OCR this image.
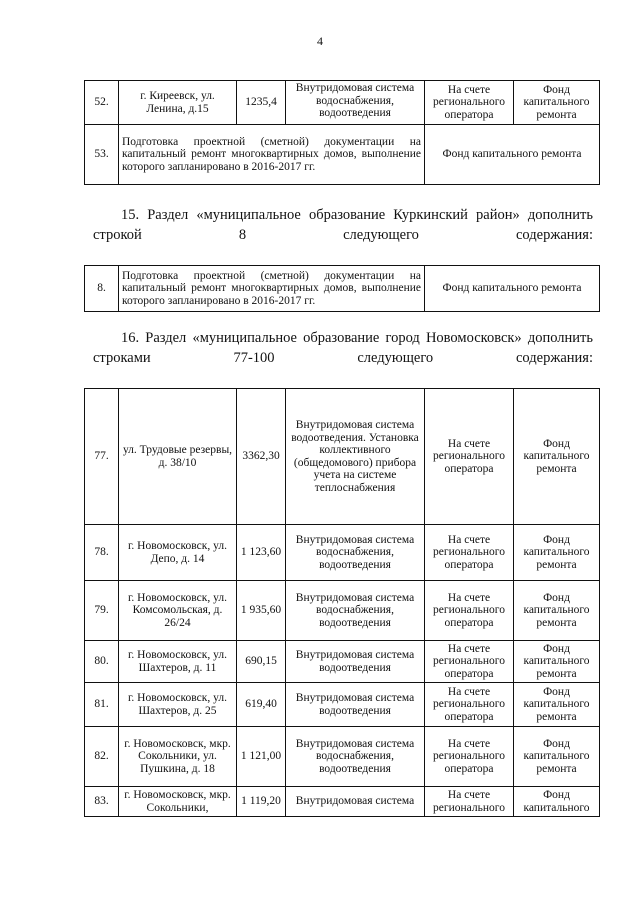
4
52.	г. Киреевск, ул. Ленина, д.15	1235,4	Внутридомовая система водоснабжения, водоотведения	На счете регионального оператора	Фонд капитального ремонта
53.	Подготовка проектной (сметной) документации на капитальный ремонт многоквартирных домов, выполнение которого запланировано в 2016-2017 гг.			Фонд капитального ремонта	
15. Раздел «муниципальное образование Куркинский район» дополнить строкой 8 следующего содержания:
8.	Подготовка проектной (сметной) документации на капитальный ремонт многоквартирных домов, выполнение которого запланировано в 2016-2017 гг.	Фонд капитального ремонта
16. Раздел «муниципальное образование город Новомосковск» дополнить строками 77-100 следующего содержания:
77.	ул. Трудовые резервы, д. 38/10	3362,30	Внутридомовая система водоотведения. Установка коллективного (общедомового) прибора учета на системе теплоснабжения	На счете регионального оператора	Фонд капитального ремонта
78.	г. Новомосковск, ул. Депо, д. 14	1 123,60	Внутридомовая система водоснабжения, водоотведения	На счете регионального оператора	Фонд капитального ремонта
79.	г. Новомосковск, ул. Комсомольская, д. 26/24	1 935,60	Внутридомовая система водоснабжения, водоотведения	На счете регионального оператора	Фонд капитального ремонта
80.	г. Новомосковск, ул. Шахтеров, д. 11	690,15	Внутридомовая система водоотведения	На счете регионального оператора	Фонд капитального ремонта
81.	г. Новомосковск, ул. Шахтеров, д. 25	619,40	Внутридомовая система водоотведения	На счете регионального оператора	Фонд капитального ремонта
82.	г. Новомосковск, мкр. Сокольники, ул. Пушкина, д. 18	1 121,00	Внутридомовая система водоснабжения, водоотведения	На счете регионального оператора	Фонд капитального ремонта
83.	г. Новомосковск, мкр. Сокольники,	1 119,20	Внутридомовая система	На счете регионального	Фонд капитального
